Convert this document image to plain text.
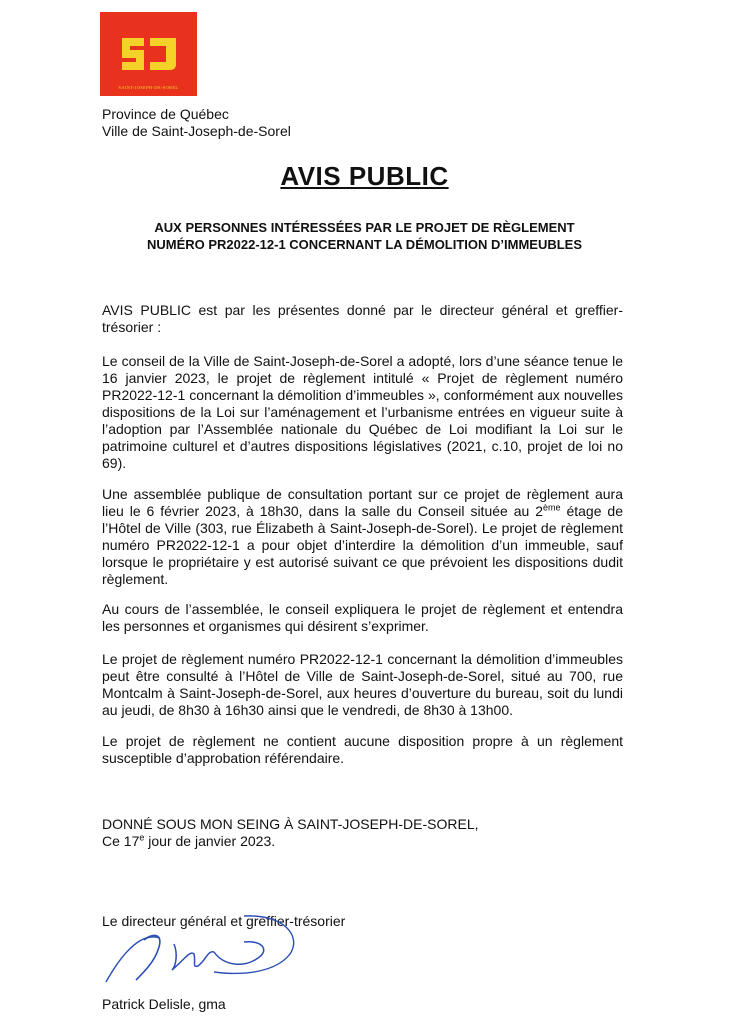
SAINT-JOSEPH-DE-SOREL
Province de Québec
Ville de Saint-Joseph-de-Sorel
AVIS PUBLIC
AUX PERSONNES INTÉRESSÉES PAR LE PROJET DE RÈGLEMENT
NUMÉRO PR2022-12-1 CONCERNANT LA DÉMOLITION D’IMMEUBLES
AVIS PUBLIC est par les présentes donné par le directeur général et greffier-trésorier :
Le conseil de la Ville de Saint-Joseph-de-Sorel a adopté, lors d’une séance tenue le 16 janvier 2023, le projet de règlement intitulé « Projet de règlement numéro PR2022-12-1 concernant la démolition d’immeubles », conformément aux nouvelles dispositions de la Loi sur l’aménagement et l’urbanisme entrées en vigueur suite à l’adoption par l’Assemblée nationale du Québec de Loi modifiant la Loi sur le patrimoine culturel et d’autres dispositions législatives (2021, c.10, projet de loi no 69).
Une assemblée publique de consultation portant sur ce projet de règlement aura lieu le 6 février 2023, à 18h30, dans la salle du Conseil située au 2ème étage de l’Hôtel de Ville (303, rue Élizabeth à Saint-Joseph-de-Sorel). Le projet de règlement numéro PR2022-12-1 a pour objet d’interdire la démolition d’un immeuble, sauf lorsque le propriétaire y est autorisé suivant ce que prévoient les dispositions dudit règlement.
Au cours de l’assemblée, le conseil expliquera le projet de règlement et entendra les personnes et organismes qui désirent s’exprimer.
Le projet de règlement numéro PR2022-12-1 concernant la démolition d’immeubles peut être consulté à l’Hôtel de Ville de Saint-Joseph-de-Sorel, situé au 700, rue Montcalm à Saint-Joseph-de-Sorel, aux heures d’ouverture du bureau, soit du lundi au jeudi, de 8h30 à 16h30 ainsi que le vendredi, de 8h30 à 13h00.
Le projet de règlement ne contient aucune disposition propre à un règlement susceptible d’approbation référendaire.
DONNÉ SOUS MON SEING À SAINT-JOSEPH-DE-SOREL,
Ce 17e jour de janvier 2023.
Le directeur général et greffier-trésorier
Patrick Delisle, gma
